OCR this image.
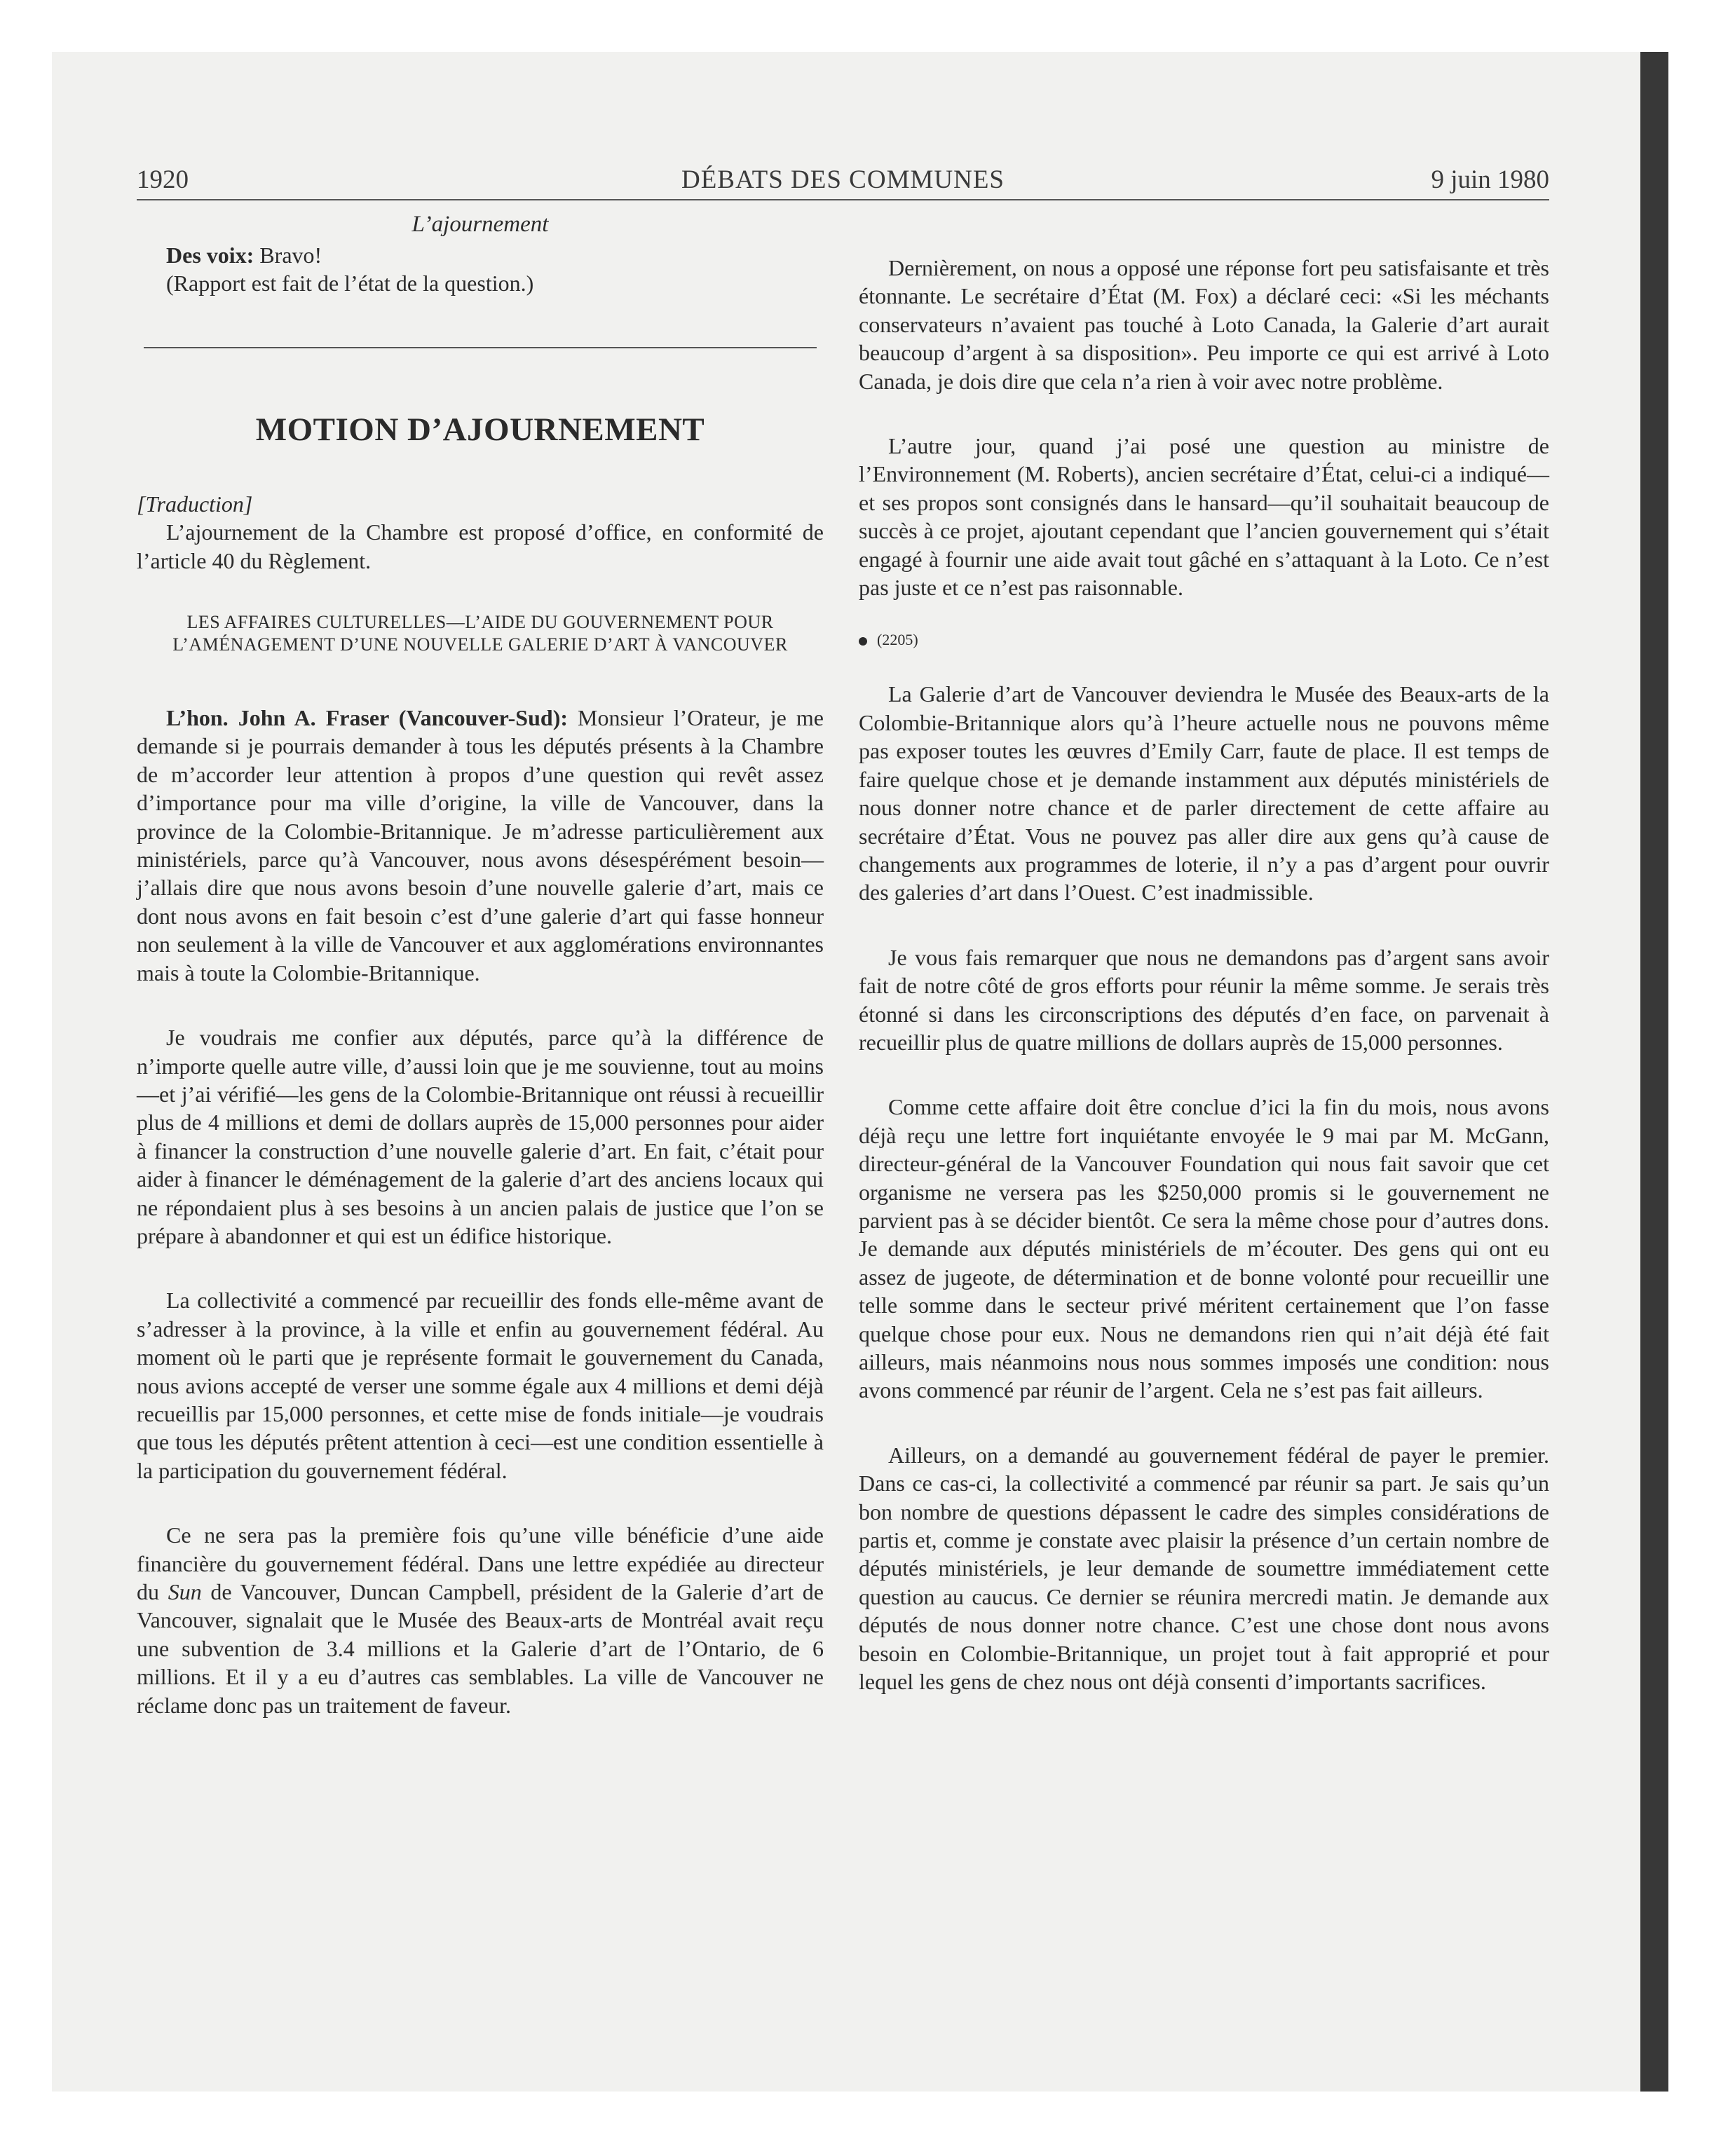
1920	DÉBATS DES COMMUNES	9 juin 1980
L’ajournement

Des voix: Bravo!

(Rapport est fait de l’état de la question.)

MOTION D’AJOURNEMENT

[Traduction]

L’ajournement de la Chambre est proposé d’office, en conformité de l’article 40 du Règlement.

LES AFFAIRES CULTURELLES—L’AIDE DU GOUVERNEMENT POUR L’AMÉNAGEMENT D’UNE NOUVELLE GALERIE D’ART À VANCOUVER

L’hon. John A. Fraser (Vancouver-Sud): Monsieur l’Orateur, je me demande si je pourrais demander à tous les députés présents à la Chambre de m’accorder leur attention à propos d’une question qui revêt assez d’importance pour ma ville d’origine, la ville de Vancouver, dans la province de la Colombie-Britannique. Je m’adresse particulièrement aux ministériels, parce qu’à Vancouver, nous avons désespérément besoin—j’allais dire que nous avons besoin d’une nouvelle galerie d’art, mais ce dont nous avons en fait besoin c’est d’une galerie d’art qui fasse honneur non seulement à la ville de Vancouver et aux agglomérations environnantes mais à toute la Colombie-Britannique.

Je voudrais me confier aux députés, parce qu’à la différence de n’importe quelle autre ville, d’aussi loin que je me souvienne, tout au moins—et j’ai vérifié—les gens de la Colombie-Britannique ont réussi à recueillir plus de 4 millions et demi de dollars auprès de 15,000 personnes pour aider à financer la construction d’une nouvelle galerie d’art. En fait, c’était pour aider à financer le déménagement de la galerie d’art des anciens locaux qui ne répondaient plus à ses besoins à un ancien palais de justice que l’on se prépare à abandonner et qui est un édifice historique.

La collectivité a commencé par recueillir des fonds elle-même avant de s’adresser à la province, à la ville et enfin au gouvernement fédéral. Au moment où le parti que je représente formait le gouvernement du Canada, nous avions accepté de verser une somme égale aux 4 millions et demi déjà recueillis par 15,000 personnes, et cette mise de fonds initiale—je voudrais que tous les députés prêtent attention à ceci—est une condition essentielle à la participation du gouvernement fédéral.

Ce ne sera pas la première fois qu’une ville bénéficie d’une aide financière du gouvernement fédéral. Dans une lettre expédiée au directeur du Sun de Vancouver, Duncan Campbell, président de la Galerie d’art de Vancouver, signalait que le Musée des Beaux-arts de Montréal avait reçu une subvention de 3.4 millions et la Galerie d’art de l’Ontario, de 6 millions. Et il y a eu d’autres cas semblables. La ville de Vancouver ne réclame donc pas un traitement de faveur.

Dernièrement, on nous a opposé une réponse fort peu satisfaisante et très étonnante. Le secrétaire d’État (M. Fox) a déclaré ceci: «Si les méchants conservateurs n’avaient pas touché à Loto Canada, la Galerie d’art aurait beaucoup d’argent à sa disposition». Peu importe ce qui est arrivé à Loto Canada, je dois dire que cela n’a rien à voir avec notre problème.

L’autre jour, quand j’ai posé une question au ministre de l’Environnement (M. Roberts), ancien secrétaire d’État, celui-ci a indiqué—et ses propos sont consignés dans le hansard—qu’il souhaitait beaucoup de succès à ce projet, ajoutant cependant que l’ancien gouvernement qui s’était engagé à fournir une aide avait tout gâché en s’attaquant à la Loto. Ce n’est pas juste et ce n’est pas raisonnable.

(2205)

La Galerie d’art de Vancouver deviendra le Musée des Beaux-arts de la Colombie-Britannique alors qu’à l’heure actuelle nous ne pouvons même pas exposer toutes les œuvres d’Emily Carr, faute de place. Il est temps de faire quelque chose et je demande instamment aux députés ministériels de nous donner notre chance et de parler directement de cette affaire au secrétaire d’État. Vous ne pouvez pas aller dire aux gens qu’à cause de changements aux programmes de loterie, il n’y a pas d’argent pour ouvrir des galeries d’art dans l’Ouest. C’est inadmissible.

Je vous fais remarquer que nous ne demandons pas d’argent sans avoir fait de notre côté de gros efforts pour réunir la même somme. Je serais très étonné si dans les circonscriptions des députés d’en face, on parvenait à recueillir plus de quatre millions de dollars auprès de 15,000 personnes.

Comme cette affaire doit être conclue d’ici la fin du mois, nous avons déjà reçu une lettre fort inquiétante envoyée le 9 mai par M. McGann, directeur-général de la Vancouver Foundation qui nous fait savoir que cet organisme ne versera pas les $250,000 promis si le gouvernement ne parvient pas à se décider bientôt. Ce sera la même chose pour d’autres dons. Je demande aux députés ministériels de m’écouter. Des gens qui ont eu assez de jugeote, de détermination et de bonne volonté pour recueillir une telle somme dans le secteur privé méritent certainement que l’on fasse quelque chose pour eux. Nous ne demandons rien qui n’ait déjà été fait ailleurs, mais néanmoins nous nous sommes imposés une condition: nous avons commencé par réunir de l’argent. Cela ne s’est pas fait ailleurs.

Ailleurs, on a demandé au gouvernement fédéral de payer le premier. Dans ce cas-ci, la collectivité a commencé par réunir sa part. Je sais qu’un bon nombre de questions dépassent le cadre des simples considérations de partis et, comme je constate avec plaisir la présence d’un certain nombre de députés ministériels, je leur demande de soumettre immédiatement cette question au caucus. Ce dernier se réunira mercredi matin. Je demande aux députés de nous donner notre chance. C’est une chose dont nous avons besoin en Colombie-Britannique, un projet tout à fait approprié et pour lequel les gens de chez nous ont déjà consenti d’importants sacrifices.
